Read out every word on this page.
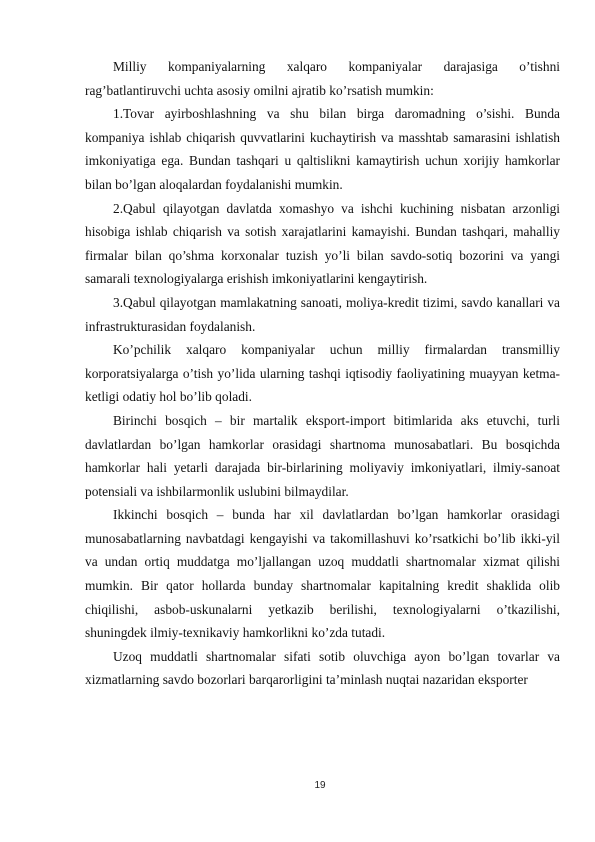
Milliy kompaniyalarning xalqaro kompaniyalar darajasiga o’tishni rag’batlantiruvchi uchta asosiy omilni ajratib ko’rsatish mumkin:

1.Tovar ayirboshlashning va shu bilan birga daromadning o’sishi. Bunda kompaniya ishlab chiqarish quvvatlarini kuchaytirish va masshtab samarasini ishlatish imkoniyatiga ega. Bundan tashqari u qaltislikni kamaytirish uchun xorijiy hamkorlar bilan bo’lgan aloqalardan foydalanishi mumkin.

2.Qabul qilayotgan davlatda xomashyo va ishchi kuchining nisbatan arzonligi hisobiga ishlab chiqarish va sotish xarajatlarini kamayishi. Bundan tashqari, mahalliy firmalar bilan qo’shma korxonalar tuzish yo’li bilan savdo-sotiq bozorini va yangi samarali texnologiyalarga erishish imkoniyatlarini kengaytirish.

3.Qabul qilayotgan mamlakatning sanoati, moliya-kredit tizimi, savdo kanallari va infrastrukturasidan foydalanish.

Ko’pchilik xalqaro kompaniyalar uchun milliy firmalardan transmilliy korporatsiyalarga o’tish yo’lida ularning tashqi iqtisodiy faoliyatining muayyan ketma-ketligi odatiy hol bo’lib qoladi.

Birinchi bosqich – bir martalik eksport-import bitimlarida aks etuvchi, turli davlatlardan bo’lgan hamkorlar orasidagi shartnoma munosabatlari. Bu bosqichda hamkorlar hali yetarli darajada bir-birlarining moliyaviy imkoniyatlari, ilmiy-sanoat potensiali va ishbilarmonlik uslubini bilmaydilar.

Ikkinchi bosqich – bunda har xil davlatlardan bo’lgan hamkorlar orasidagi munosabatlarning navbatdagi kengayishi va takomillashuvi ko’rsatkichi bo’lib ikki-yil va undan ortiq muddatga mo’ljallangan uzoq muddatli shartnomalar xizmat qilishi mumkin. Bir qator hollarda bunday shartnomalar kapitalning kredit shaklida olib chiqilishi, asbob-uskunalarni yetkazib berilishi, texnologiyalarni o’tkazilishi, shuningdek ilmiy-texnikaviy hamkorlikni ko’zda tutadi.

Uzoq muddatli shartnomalar sifati sotib oluvchiga ayon bo’lgan tovarlar va xizmatlarning savdo bozorlari barqarorligini ta’minlash nuqtai nazaridan eksporter

19
